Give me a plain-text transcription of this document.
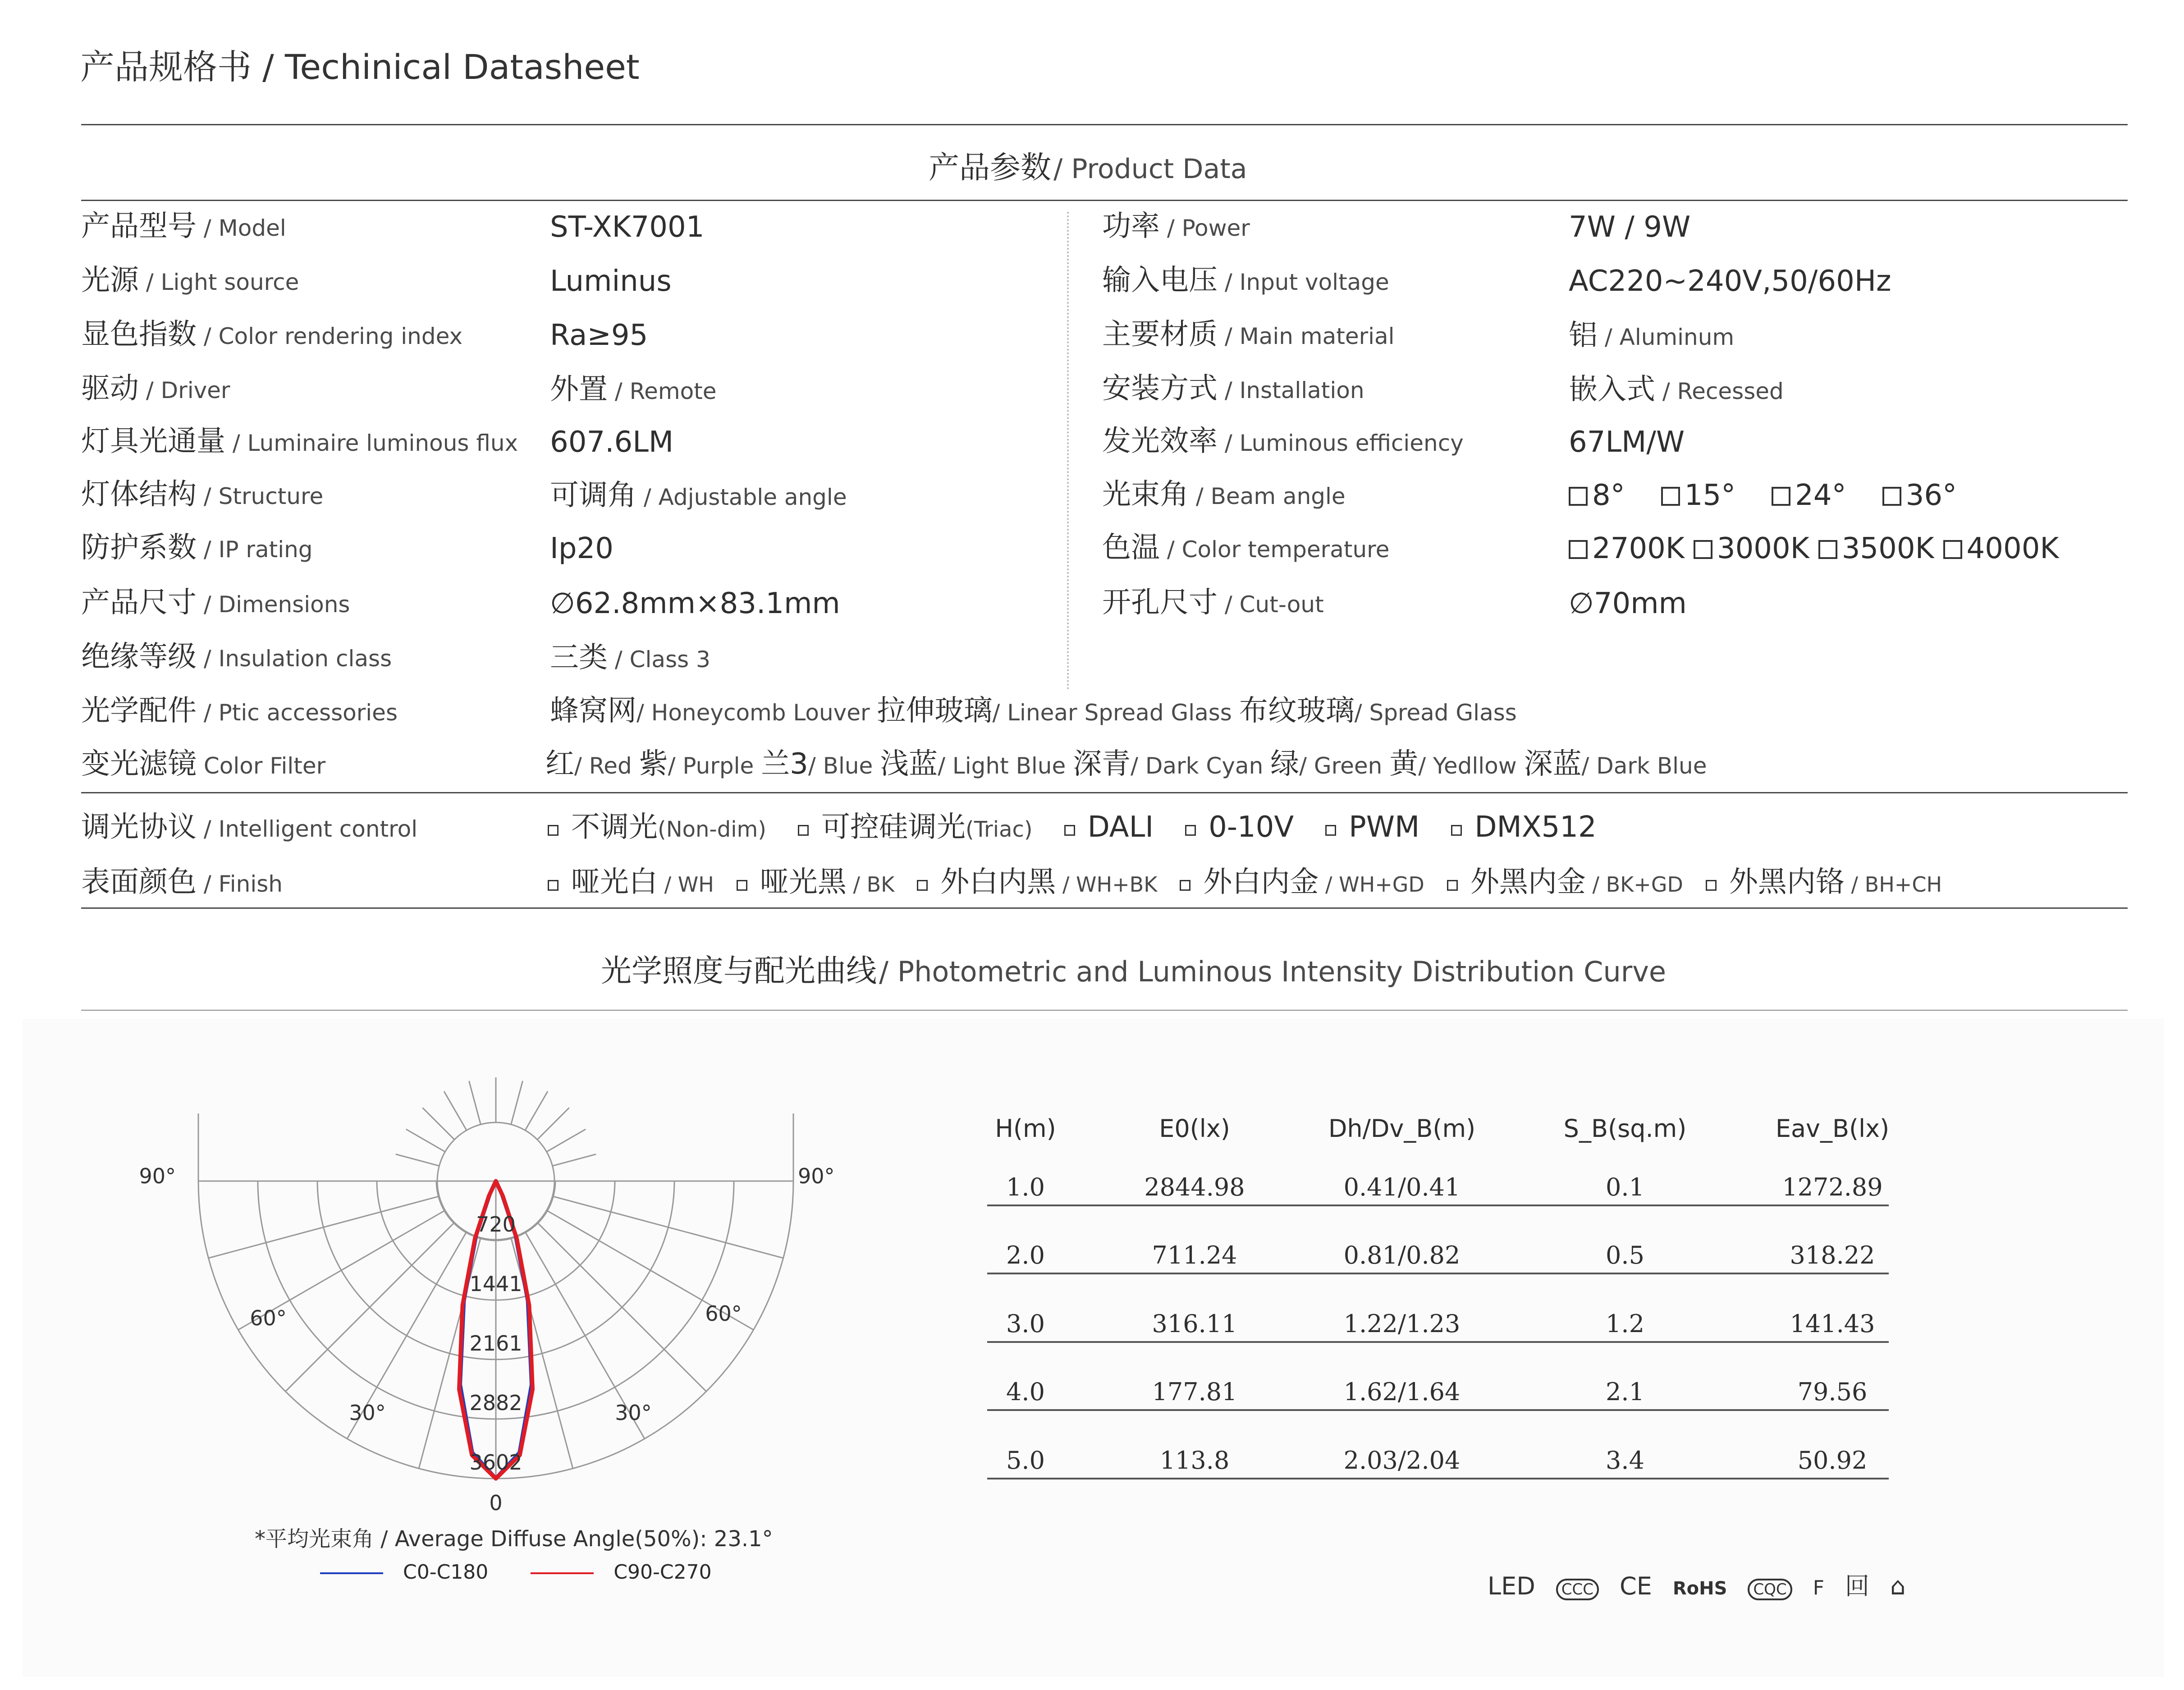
产品规格书 / Techinical Datasheet
产品参数 / Product Data
产品型号 / Model	ST-XK7001
光源 / Light source	Luminus
显色指数 / Color rendering index	Ra≥95
驱动 / Driver	外置 / Remote
灯具光通量 / Luminaire luminous flux 607.6LM
灯体结构 / Structure	可调角 / Adjustable angle
防护系数 / IP rating	Ip20
产品尺寸 / Dimensions	∅62.8mm×83.1mm
绝缘等级 / Insulation class	三类 / Class 3
功率 / Power	7W / 9W
输入电压 / Input voltage	AC220~240V,50/60Hz
主要材质 / Main material	铝 / Aluminum
安装方式 / Installation	嵌入式 / Recessed
发光效率 / Luminous efficiency	67LM/W
光束角 / Beam angle	8° 15° 24° 36°
色温 / Color temperature	2700K 3000K 3500K 4000K
开孔尺寸 / Cut-out	∅70mm
光学配件 / Ptic accessories	蜂窝网/ Honeycomb Louver 拉伸玻璃/ Linear Spread Glass 布纹玻璃/ Spread Glass
变光滤镜 Color Filter	红/ Red 紫/ Purple 兰3/ Blue 浅蓝/ Light Blue 深青/ Dark Cyan 绿/ Green 黄/ Yedllow 深蓝/ Dark Blue
调光协议 / Intelligent control	不调光(Non-dim) 可控硅调光(Triac) DALI 0-10V PWM DMX512
表面颜色 / Finish	哑光白 / WH 哑光黑 / BK 外白内黑 / WH+BK 外白内金 / WH+GD 外黑内金 / BK+GD 外黑内铬 / BH+CH
光学照度与配光曲线 / Photometric and Luminous Intensity Distribution Curve
90°	90°
60°	60°
30°	30°
720
1441
2161
2882
3602
0
*平均光束角 / Average Diffuse Angle(50%): 23.1°
C0-C180	C90-C270
H(m)	E0(lx)	Dh/Dv_B(m)	S_B(sq.m)	Eav_B(lx)
1.0	2844.98	0.41/0.41	0.1	1272.89
2.0	711.24	0.81/0.82	0.5	318.22
3.0	316.11	1.22/1.23	1.2	141.43
4.0	177.81	1.62/1.64	2.1	79.56
5.0	113.8	2.03/2.04	3.4	50.92
LED CCC CE RoHS CQC F 回 ⌂
